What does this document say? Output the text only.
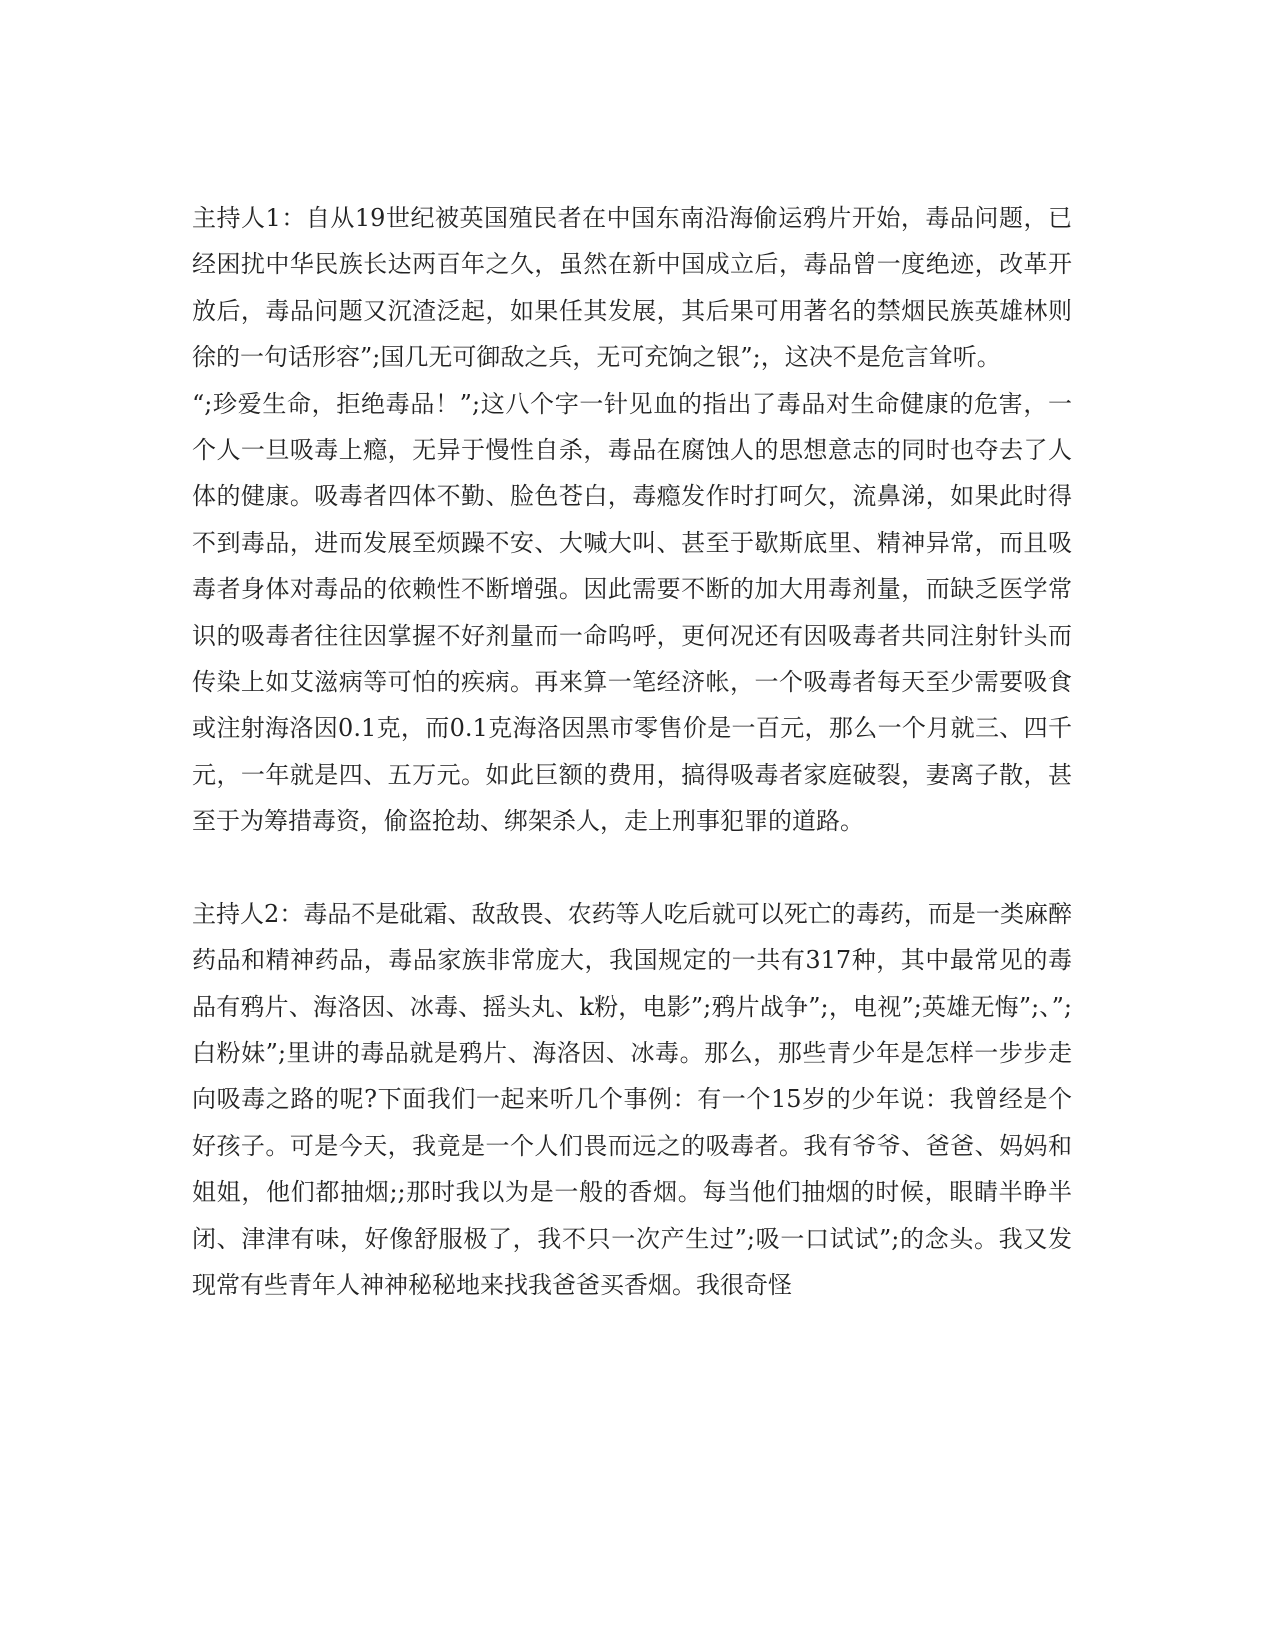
主持人1：自从19世纪被英国殖民者在中国东南沿海偷运鸦片开始，毒品问题，已经困扰中华民族长达两百年之久，虽然在新中国成立后，毒品曾一度绝迹，改革开放后，毒品问题又沉渣泛起，如果任其发展，其后果可用著名的禁烟民族英雄林则徐的一句话形容”;国几无可御敌之兵，无可充饷之银”;，这决不是危言耸听。

“;珍爱生命，拒绝毒品！”;这八个字一针见血的指出了毒品对生命健康的危害，一个人一旦吸毒上瘾，无异于慢性自杀，毒品在腐蚀人的思想意志的同时也夺去了人体的健康。吸毒者四体不勤、脸色苍白，毒瘾发作时打呵欠，流鼻涕，如果此时得不到毒品，进而发展至烦躁不安、大喊大叫、甚至于歇斯底里、精神异常，而且吸毒者身体对毒品的依赖性不断增强。因此需要不断的加大用毒剂量，而缺乏医学常识的吸毒者往往因掌握不好剂量而一命呜呼，更何况还有因吸毒者共同注射针头而传染上如艾滋病等可怕的疾病。再来算一笔经济帐，一个吸毒者每天至少需要吸食或注射海洛因0.1克，而0.1克海洛因黑市零售价是一百元，那么一个月就三、四千元，一年就是四、五万元。如此巨额的费用，搞得吸毒者家庭破裂，妻离子散，甚至于为筹措毒资，偷盗抢劫、绑架杀人，走上刑事犯罪的道路。

主持人2：毒品不是砒霜、敌敌畏、农药等人吃后就可以死亡的毒药，而是一类麻醉药品和精神药品，毒品家族非常庞大，我国规定的一共有317种，其中最常见的毒品有鸦片、海洛因、冰毒、摇头丸、k粉，电影”;鸦片战争”;，电视”;英雄无悔”;、”;白粉妹”;里讲的毒品就是鸦片、海洛因、冰毒。那么，那些青少年是怎样一步步走向吸毒之路的呢?下面我们一起来听几个事例：有一个15岁的少年说：我曾经是个好孩子。可是今天，我竟是一个人们畏而远之的吸毒者。我有爷爷、爸爸、妈妈和姐姐，他们都抽烟;;那时我以为是一般的香烟。每当他们抽烟的时候，眼睛半睁半闭、津津有味，好像舒服极了，我不只一次产生过”;吸一口试试”;的念头。我又发现常有些青年人神神秘秘地来找我爸爸买香烟。我很奇怪
